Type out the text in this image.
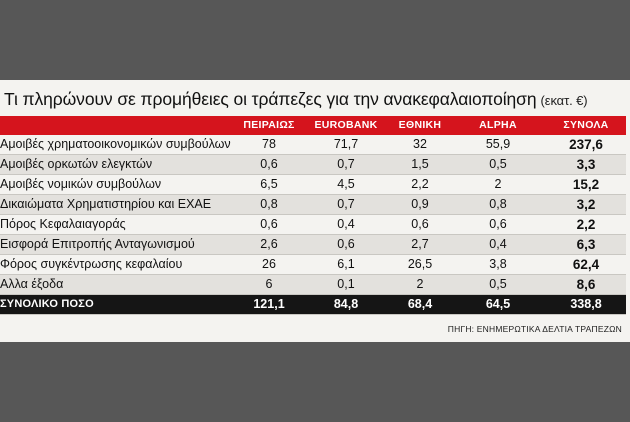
Τι πληρώνουν σε προμήθειες οι τράπεζες για την ανακεφαλαιοποίηση (εκατ. €)
	ΠΕΙΡΑΙΩΣ	EUROBANK	ΕΘΝΙΚΗ	ALPHA	ΣΥΝΟΛΑ
Αμοιβές χρηματοοικονομικών συμβούλων	78	71,7	32	55,9	237,6
Αμοιβές ορκωτών ελεγκτών	0,6	0,7	1,5	0,5	3,3
Αμοιβές νομικών συμβούλων	6,5	4,5	2,2	2	15,2
Δικαιώματα Χρηματιστηρίου και ΕΧΑΕ	0,8	0,7	0,9	0,8	3,2
Πόρος Κεφαλαιαγοράς	0,6	0,4	0,6	0,6	2,2
Εισφορά Επιτροπής Ανταγωνισμού	2,6	0,6	2,7	0,4	6,3
Φόρος συγκέντρωσης κεφαλαίου	26	6,1	26,5	3,8	62,4
Αλλα έξοδα	6	0,1	2	0,5	8,6
ΣΥΝΟΛΙΚΟ ΠΟΣΟ	121,1	84,8	68,4	64,5	338,8
ΠΗΓΗ: ΕΝΗΜΕΡΩΤΙΚΑ ΔΕΛΤΙΑ ΤΡΑΠΕΖΩΝ
